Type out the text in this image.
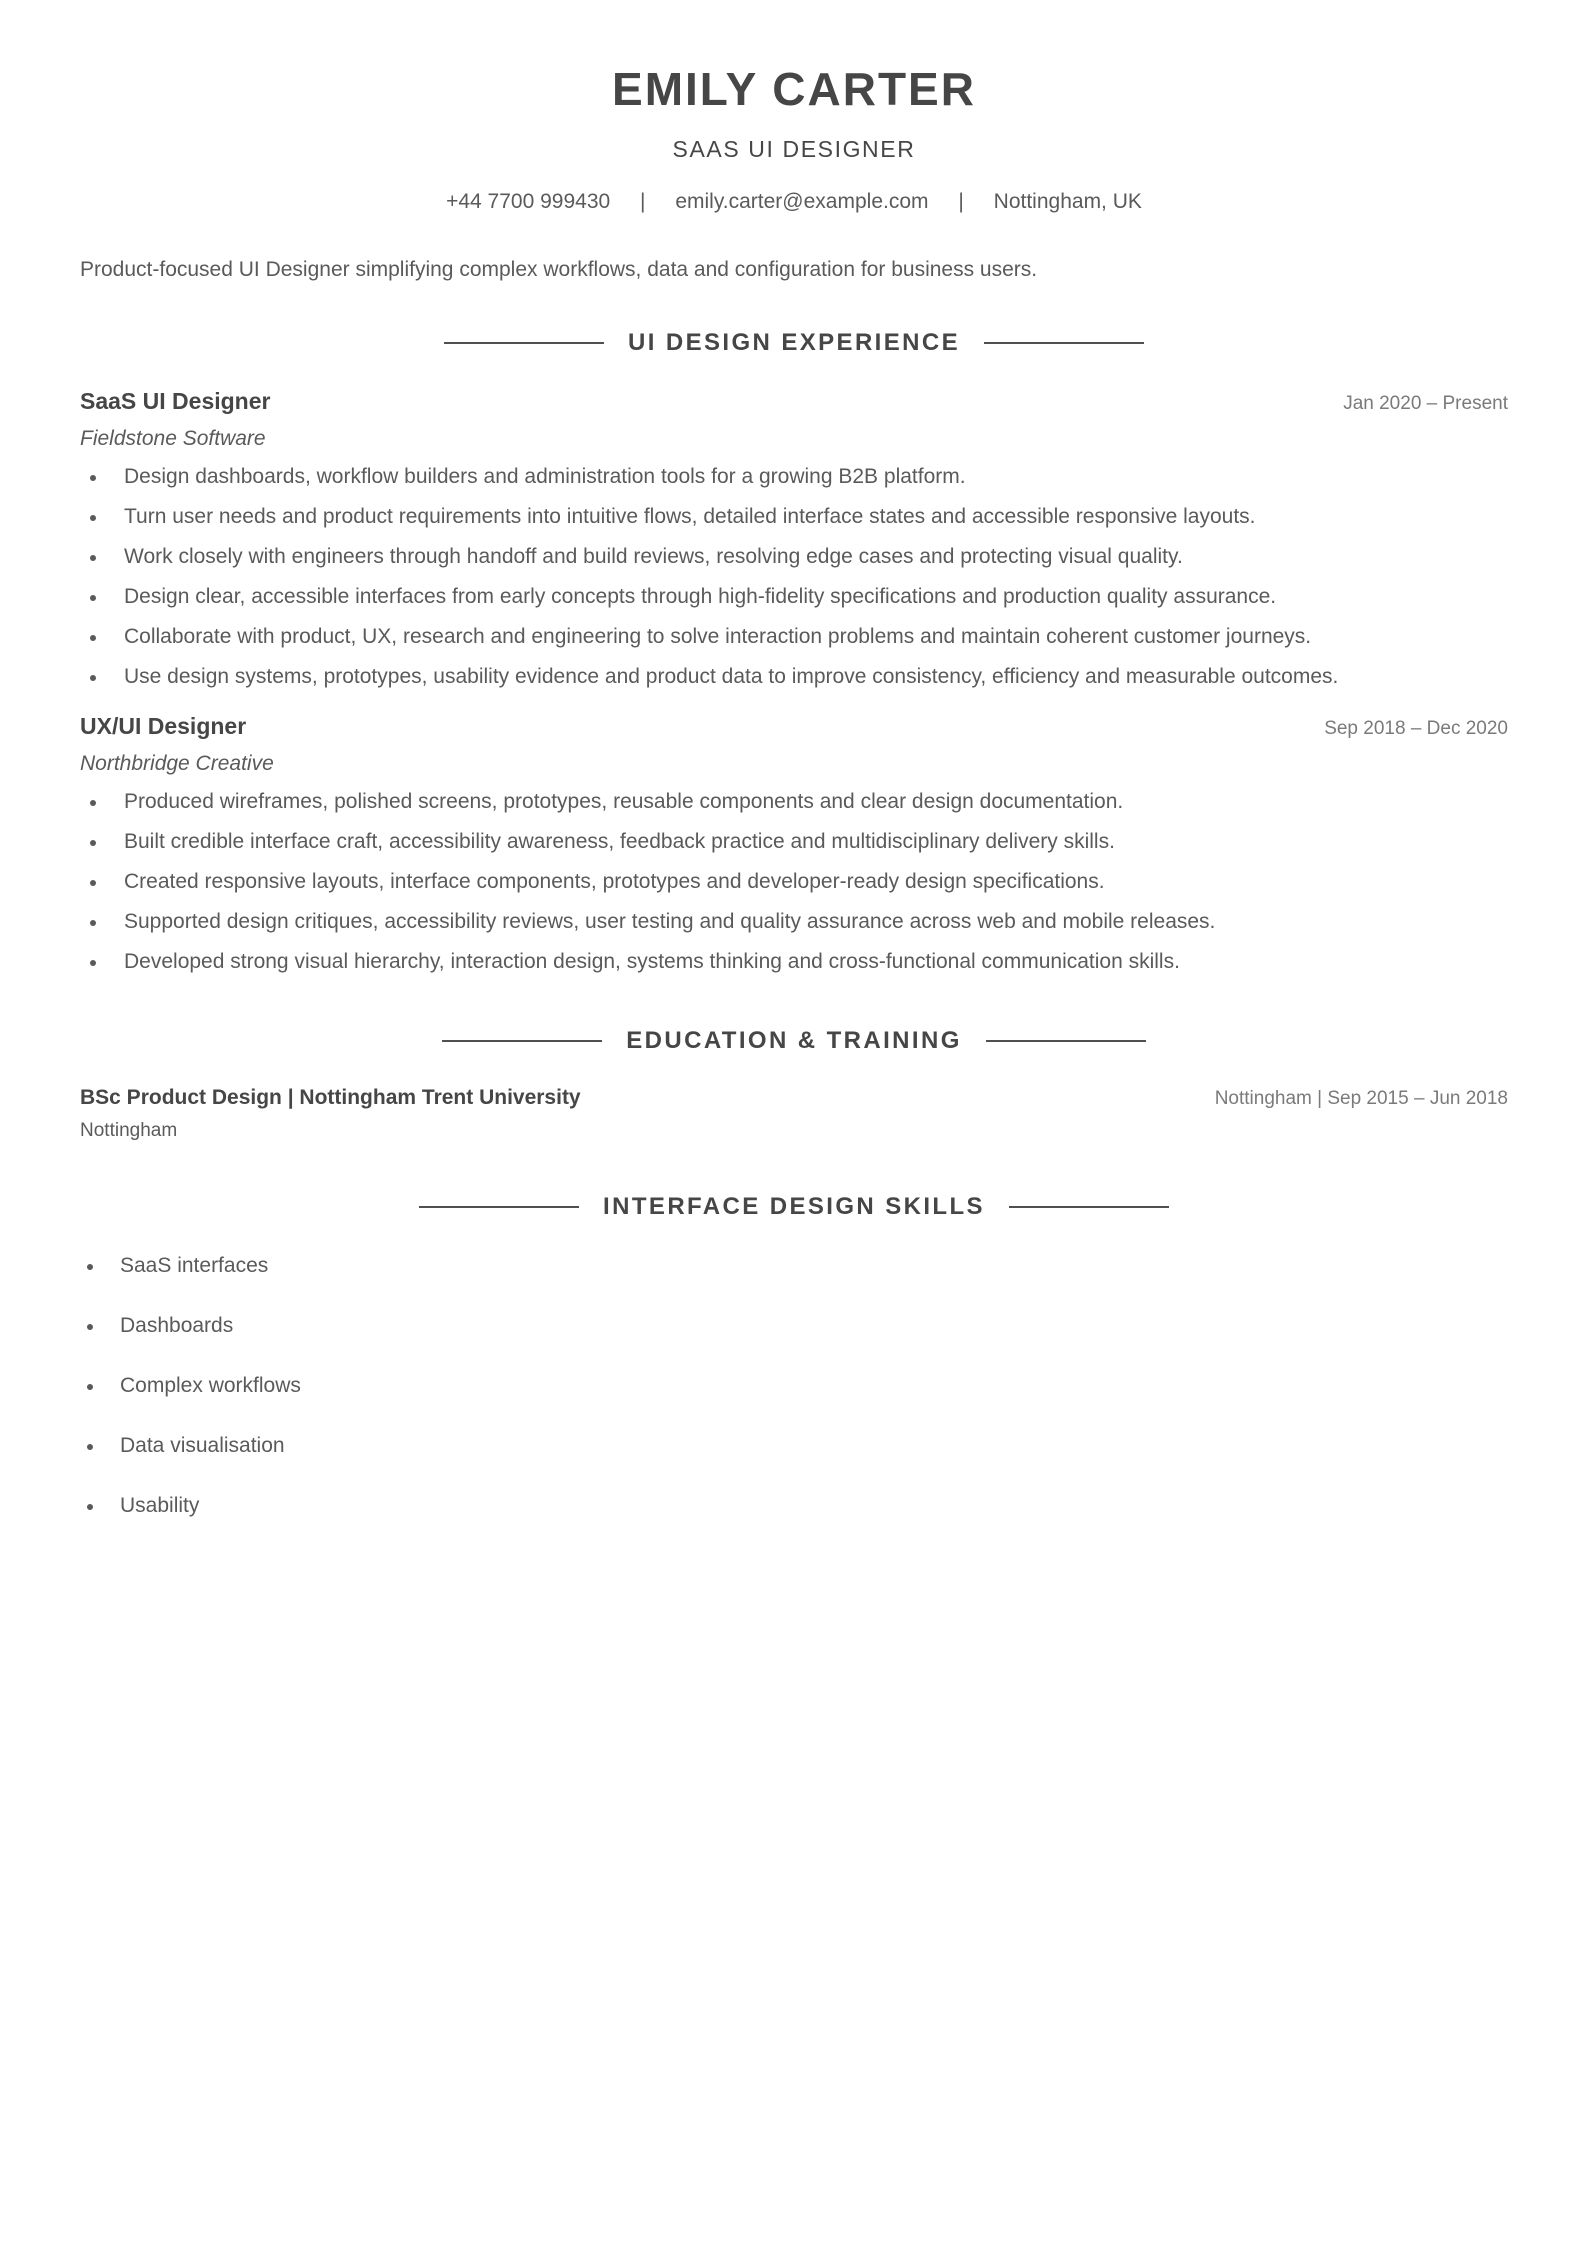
EMILY CARTER
SAAS UI DESIGNER
+44 7700 999430 | emily.carter@example.com | Nottingham, UK
Product-focused UI Designer simplifying complex workflows, data and configuration for business users.
UI DESIGN EXPERIENCE
SaaS UI Designer	Jan 2020 – Present
Fieldstone Software
Design dashboards, workflow builders and administration tools for a growing B2B platform.
Turn user needs and product requirements into intuitive flows, detailed interface states and accessible responsive layouts.
Work closely with engineers through handoff and build reviews, resolving edge cases and protecting visual quality.
Design clear, accessible interfaces from early concepts through high-fidelity specifications and production quality assurance.
Collaborate with product, UX, research and engineering to solve interaction problems and maintain coherent customer journeys.
Use design systems, prototypes, usability evidence and product data to improve consistency, efficiency and measurable outcomes.
UX/UI Designer	Sep 2018 – Dec 2020
Northbridge Creative
Produced wireframes, polished screens, prototypes, reusable components and clear design documentation.
Built credible interface craft, accessibility awareness, feedback practice and multidisciplinary delivery skills.
Created responsive layouts, interface components, prototypes and developer-ready design specifications.
Supported design critiques, accessibility reviews, user testing and quality assurance across web and mobile releases.
Developed strong visual hierarchy, interaction design, systems thinking and cross-functional communication skills.
EDUCATION & TRAINING
BSc Product Design | Nottingham Trent University	Nottingham | Sep 2015 – Jun 2018
Nottingham
INTERFACE DESIGN SKILLS
SaaS interfaces
Dashboards
Complex workflows
Data visualisation
Usability
